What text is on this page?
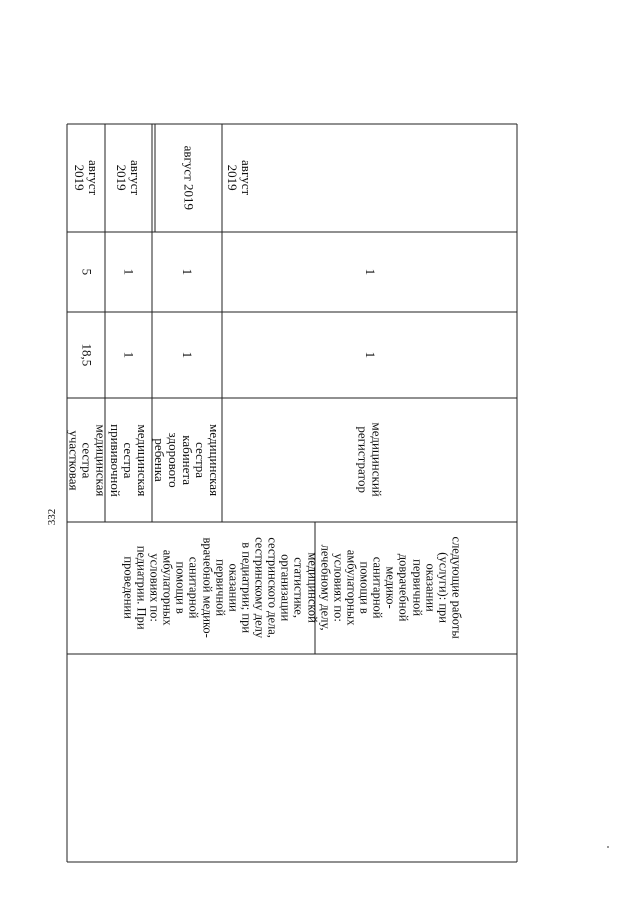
332
следующие работы
(услуги): при
оказании
первичной
доврачебной
медико-
санитарной
помощи в
амбулаторных
условиях по:
лечебному делу,
медицинской
статистике,
организации
сестринского дела,
сестринскому делу
в педиатрии; при
оказании
первичной
врачебной медико-
санитарной
помощи в
амбулаторных
условиях по:
педиатрии. При
проведении
медицинская
сестра участковая
18,5
5
август 2019
медицинская
сестра
прививочной
1
1
август 2019
медицинская
сестра кабинета
здорового
ребенка
1
1
август 2019
медицинский
регистратор
1
1
август 2019
